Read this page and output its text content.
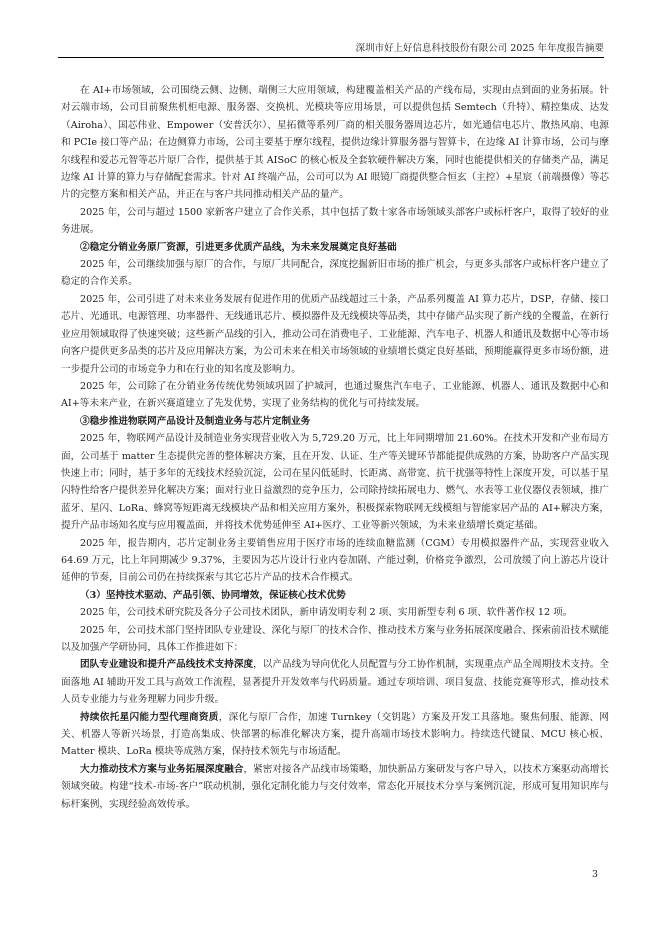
深圳市好上好信息科技股份有限公司 2025 年年度报告摘要

在 AI+市场领域，公司围绕云侧、边侧、端侧三大应用领域，构建覆盖相关产品的产线布局，实现由点到面的业务拓展。针对云端市场，公司目前聚焦机柜电源、服务器、交换机、光模块等应用场景，可以提供包括 Semtech（升特）、精控集成、达发（Airoha）、国芯伟业、Empower（安普沃尔）、星拓微等系列厂商的相关服务器周边芯片，如光通信电芯片、散热风扇、电源和 PCIe 接口等产品；在边侧算力市场，公司主要基于摩尔线程，提供边缘计算服务器与智算卡，在边缘 AI 计算市场，公司与摩尔线程和爱芯元智等芯片原厂合作，提供基于其 AISoC 的核心板及全套软硬件解决方案，同时也能提供相关的存储类产品，满足边缘 AI 计算的算力与存储配套需求。针对 AI 终端产品，公司可以为 AI 眼镜厂商提供整合恒玄（主控）+星宸（前端摄像）等芯片的完整方案和相关产品，并正在与客户共同推动相关产品的量产。

2025 年，公司与超过 1500 家新客户建立了合作关系，其中包括了数十家各市场领域头部客户或标杆客户，取得了较好的业务进展。

②稳定分销业务原厂资源，引进更多优质产品线，为未来发展奠定良好基础

2025 年，公司继续加强与原厂的合作，与原厂共同配合，深度挖掘新旧市场的推广机会，与更多头部客户或标杆客户建立了稳定的合作关系。

2025 年，公司引进了对未来业务发展有促进作用的优质产品线超过三十条，产品系列覆盖 AI 算力芯片，DSP，存储、接口芯片、光通讯、电源管理、功率器件、无线通讯芯片、模拟器件及无线模块等品类，其中存储产品实现了新产线的全覆盖，在新行业应用领域取得了快速突破；这些新产品线的引入，推动公司在消费电子、工业能源、汽车电子、机器人和通讯及数据中心等市场向客户提供更多品类的芯片及应用解决方案，为公司未来在相关市场领域的业绩增长奠定良好基础，预期能赢得更多市场份额，进一步提升公司的市场竞争力和在行业的知名度及影响力。

2025 年，公司除了在分销业务传统优势领域巩固了护城河，也通过聚焦汽车电子、工业能源、机器人、通讯及数据中心和 AI+等未来产业，在新兴赛道建立了先发优势，实现了业务结构的优化与可持续发展。

③稳步推进物联网产品设计及制造业务与芯片定制业务

2025 年，物联网产品设计及制造业务实现营业收入为 5,729.20 万元，比上年同期增加 21.60%。在技术开发和产业布局方面，公司基于 matter 生态提供完善的整体解决方案，且在开发、认证、生产等关键环节都能提供成熟的方案，协助客户产品实现快速上市；同时，基于多年的无线技术经验沉淀，公司在星闪低延时、长距离、高带宽、抗干扰强等特性上深度开发，可以基于星闪特性给客户提供差异化解决方案；面对行业日益激烈的竞争压力，公司除持续拓展电力、燃气、水表等工业仪器仪表领域，推广蓝牙、星闪、LoRa、蜂窝等短距离无线模块产品和相关应用方案外，积极探索物联网无线模组与智能家居产品的 AI+解决方案，提升产品市场知名度与应用覆盖面，并将技术优势延伸至 AI+医疗、工业等新兴领域，为未来业绩增长奠定基础。

2025 年，报告期内，芯片定制业务主要销售应用于医疗市场的连续血糖监测（CGM）专用模拟器件产品，实现营业收入 64.69 万元，比上年同期减少 9.37%，主要因为芯片设计行业内卷加剧、产能过剩，价格竞争激烈，公司放缓了向上游芯片设计延伸的节奏，目前公司仍在持续探索与其它芯片产品的技术合作模式。

（3）坚持技术驱动、产品引领、协同增效，保证核心技术优势

2025 年，公司技术研究院及各分子公司技术团队，新申请发明专利 2 项、实用新型专利 6 项、软件著作权 12 项。

2025 年，公司技术部门坚持团队专业建设、深化与原厂的技术合作、推动技术方案与业务拓展深度融合、探索前沿技术赋能以及加强产学研协同，具体工作推进如下：

团队专业建设和提升产品线技术支持深度，以产品线为导向优化人员配置与分工协作机制，实现重点产品全周期技术支持。全面落地 AI 辅助开发工具与高效工作流程，显著提升开发效率与代码质量。通过专项培训、项目复盘、技能竞赛等形式，推动技术人员专业能力与业务理解力同步升级。

持续依托星闪能力型代理商资质，深化与原厂合作，加速 Turnkey（交钥匙）方案及开发工具落地。聚焦伺服、能源、网关、机器人等新兴场景，打造高集成、快部署的标准化解决方案，提升高端市场技术影响力。持续迭代键鼠、MCU 核心板、Matter 模块、LoRa 模块等成熟方案，保持技术领先与市场适配。

大力推动技术方案与业务拓展深度融合，紧密对接各产品线市场策略，加快新品方案研发与客户导入，以技术方案驱动高增长领域突破。构建“技术-市场-客户”联动机制，强化定制化能力与交付效率，常态化开展技术分享与案例沉淀，形成可复用知识库与标杆案例，实现经验高效传承。

3
